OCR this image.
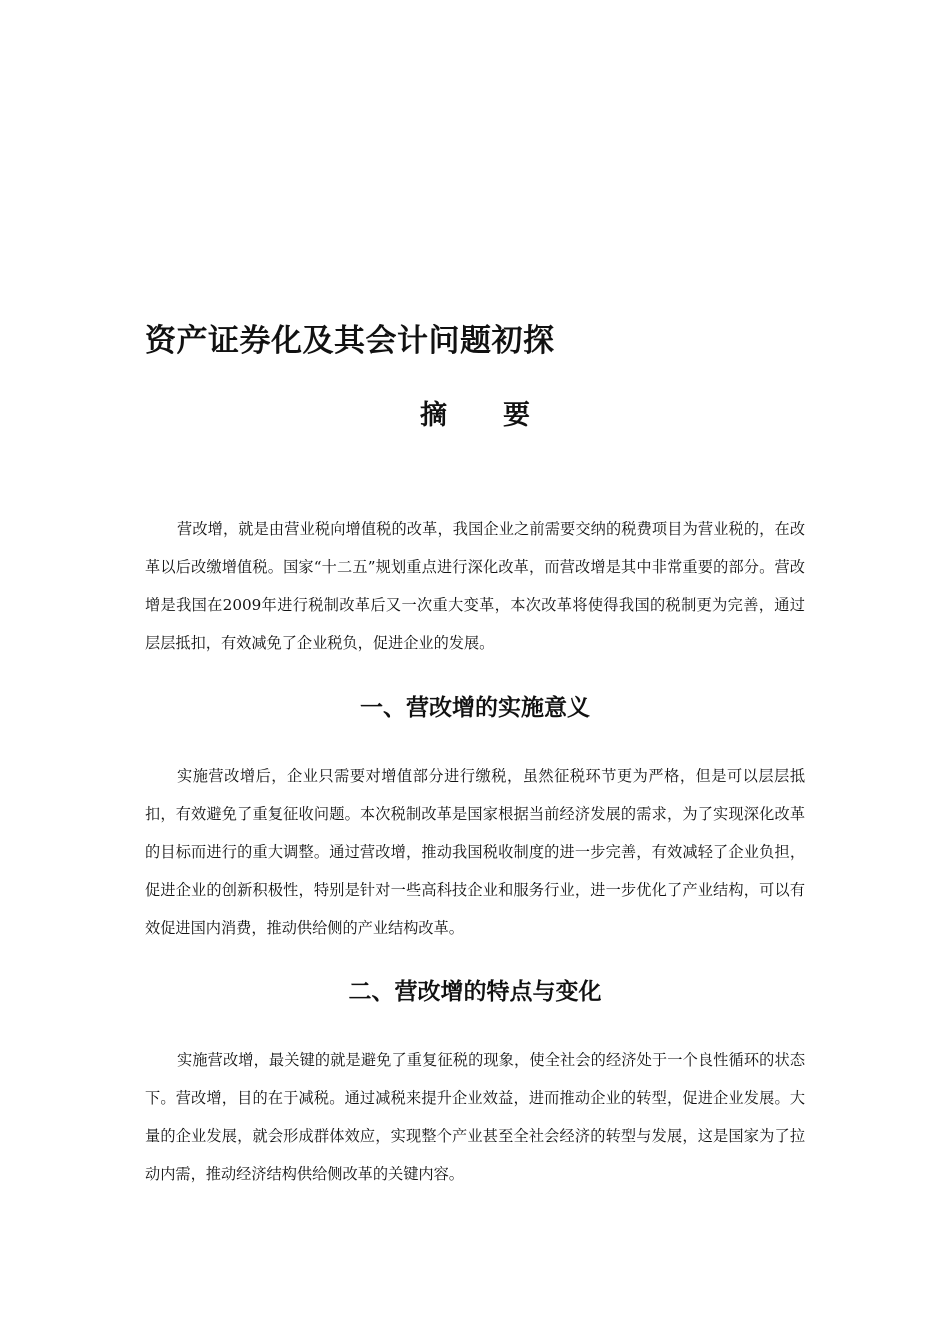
资产证券化及其会计问题初探
摘要
营改增，就是由营业税向增值税的改革，我国企业之前需要交纳的税费项目为营业税的，在改革以后改缴增值税。国家“十二五”规划重点进行深化改革，而营改增是其中非常重要的部分。营改增是我国在2009年进行税制改革后又一次重大变革，本次改革将使得我国的税制更为完善，通过层层抵扣，有效减免了企业税负，促进企业的发展。
一、营改增的实施意义
实施营改增后，企业只需要对增值部分进行缴税，虽然征税环节更为严格，但是可以层层抵扣，有效避免了重复征收问题。本次税制改革是国家根据当前经济发展的需求，为了实现深化改革的目标而进行的重大调整。通过营改增，推动我国税收制度的进一步完善，有效减轻了企业负担，促进企业的创新积极性，特别是针对一些高科技企业和服务行业，进一步优化了产业结构，可以有效促进国内消费，推动供给侧的产业结构改革。
二、营改增的特点与变化
实施营改增，最关键的就是避免了重复征税的现象，使全社会的经济处于一个良性循环的状态下。营改增，目的在于减税。通过减税来提升企业效益，进而推动企业的转型，促进企业发展。大量的企业发展，就会形成群体效应，实现整个产业甚至全社会经济的转型与发展，这是国家为了拉动内需，推动经济结构供给侧改革的关键内容。
